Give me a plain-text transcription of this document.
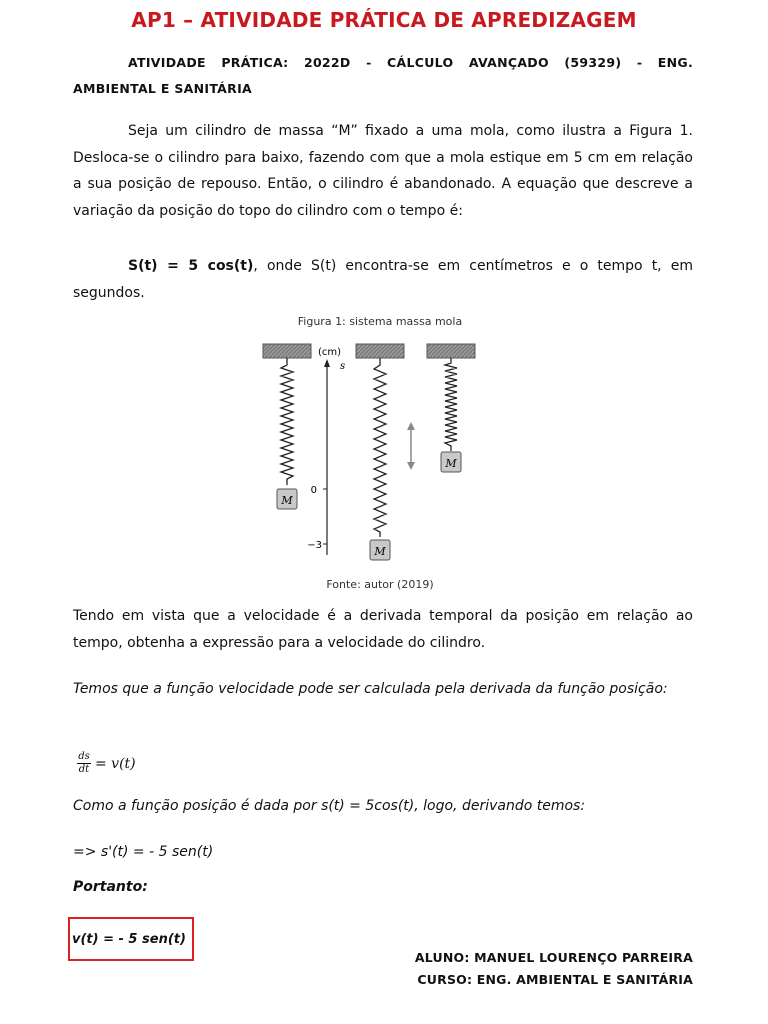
AP1 – ATIVIDADE PRÁTICA DE APREDIZAGEM
ATIVIDADE PRÁTICA: 2022D - CÁLCULO AVANÇADO (59329) - ENG. AMBIENTAL E SANITÁRIA
Seja um cilindro de massa “M” fixado a uma mola, como ilustra a Figura 1. Desloca-se o cilindro para baixo, fazendo com que a mola estique em 5 cm em relação a sua posição de repouso. Então, o cilindro é abandonado. A equação que descreve a variação da posição do topo do cilindro com o tempo é:
S(t) = 5 cos(t), onde S(t) encontra-se em centímetros e o tempo t, em segundos.
Figura 1: sistema massa mola
M
(cm)
s
0
−3	M
M
Fonte: autor (2019)
Tendo em vista que a velocidade é a derivada temporal da posição em relação ao tempo, obtenha a expressão para a velocidade do cilindro.
Temos que a função velocidade pode ser calculada pela derivada da função posição:
$\frac{ds}{dt} = v(t)$
Como a função posição é dada por s(t) = 5cos(t), logo, derivando temos:
=> s'(t) = - 5 sen(t)
Portanto:
v(t) = - 5 sen(t)
ALUNO: MANUEL LOURENÇO PARREIRA
CURSO: ENG. AMBIENTAL E SANITÁRIA
